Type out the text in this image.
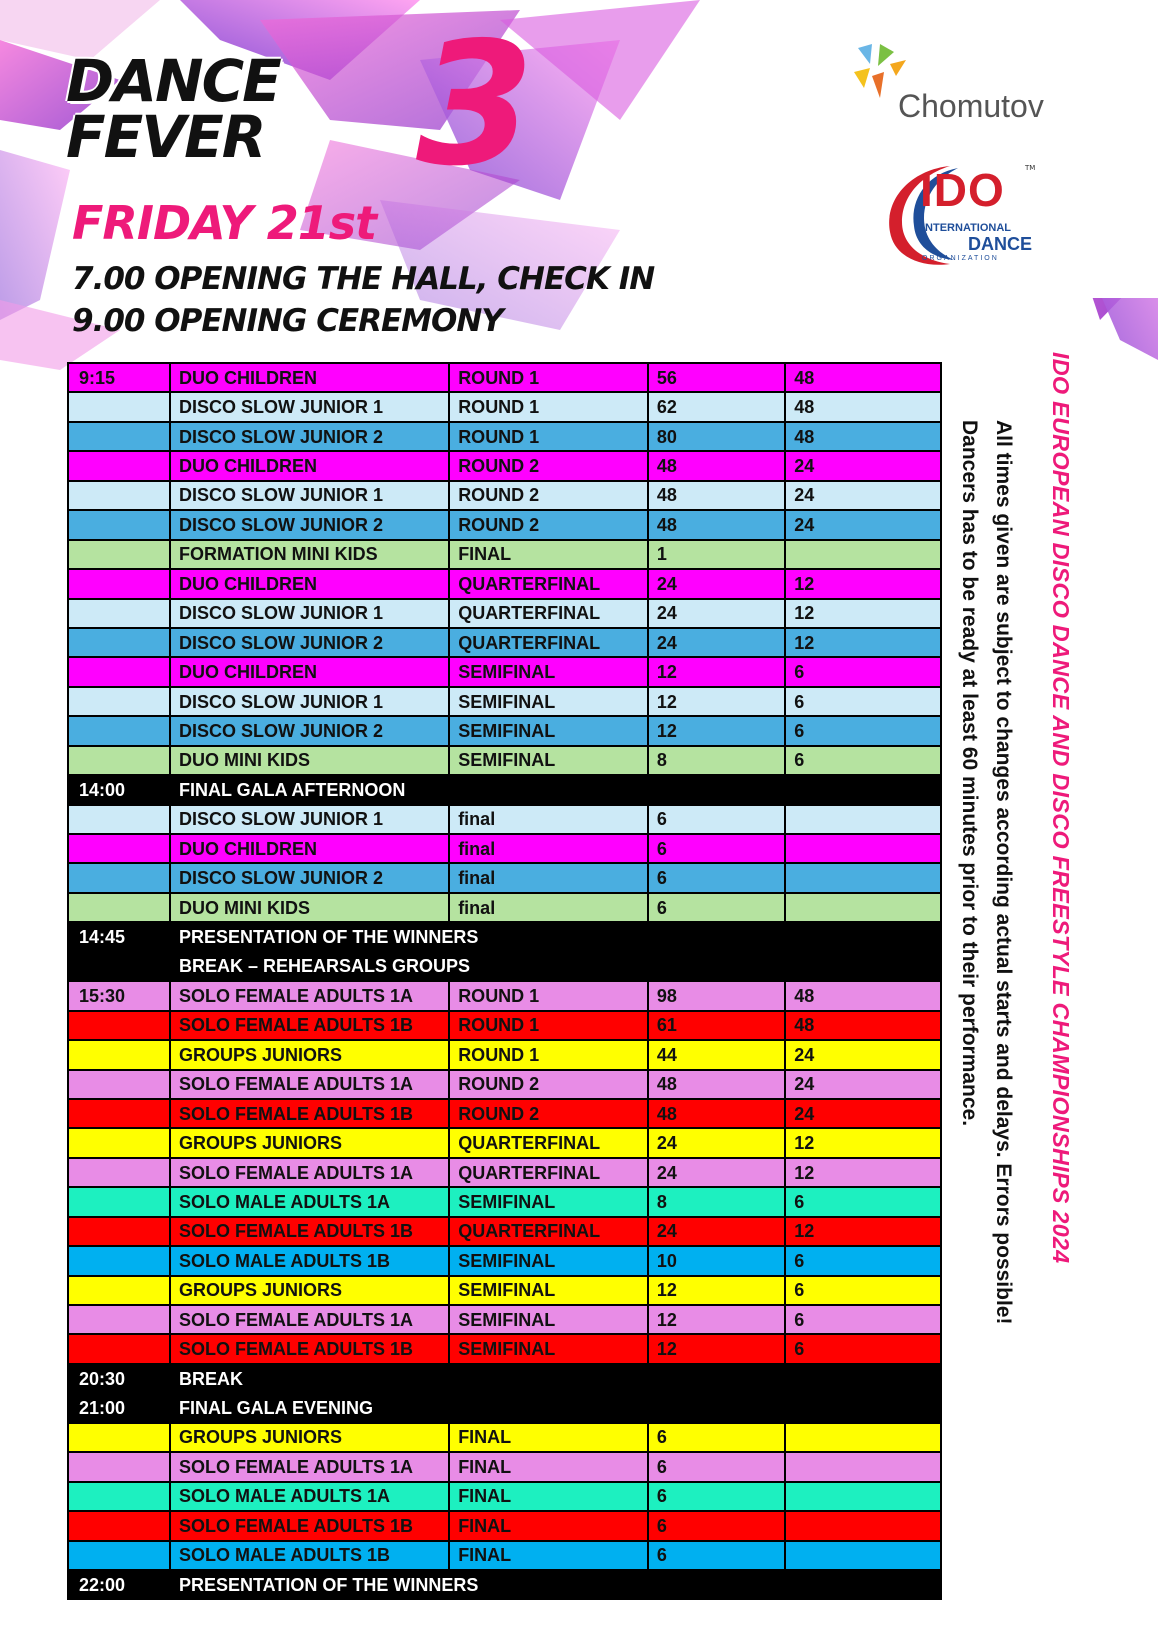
DANCE
FEVER 3
FRIDAY 21st
7.00 OPENING THE HALL, CHECK IN
9.00 OPENING CEREMONY
Chomutov
IDO	TM
INTERNATIONAL
DANCE
ORGANIZATION
9:15	DUO CHILDREN	ROUND 1	56	48
	DISCO SLOW JUNIOR 1	ROUND 1	62	48
	DISCO SLOW JUNIOR 2	ROUND 1	80	48
	DUO CHILDREN	ROUND 2	48	24
	DISCO SLOW JUNIOR 1	ROUND 2	48	24
	DISCO SLOW JUNIOR 2	ROUND 2	48	24
	FORMATION MINI KIDS	FINAL	1	
	DUO CHILDREN	QUARTERFINAL	24	12
	DISCO SLOW JUNIOR 1	QUARTERFINAL	24	12
	DISCO SLOW JUNIOR 2	QUARTERFINAL	24	12
	DUO CHILDREN	SEMIFINAL	12	6
	DISCO SLOW JUNIOR 1	SEMIFINAL	12	6
	DISCO SLOW JUNIOR 2	SEMIFINAL	12	6
	DUO MINI KIDS	SEMIFINAL	8	6
14:00	FINAL GALA AFTERNOON			
	DISCO SLOW JUNIOR 1	final	6	
	DUO CHILDREN	final	6	
	DISCO SLOW JUNIOR 2	final	6	
	DUO MINI KIDS	final	6	
14:45	PRESENTATION OF THE WINNERS			
	BREAK – REHEARSALS GROUPS			
15:30	SOLO FEMALE ADULTS 1A	ROUND 1	98	48
	SOLO FEMALE ADULTS 1B	ROUND 1	61	48
	GROUPS JUNIORS	ROUND 1	44	24
	SOLO FEMALE ADULTS 1A	ROUND 2	48	24
	SOLO FEMALE ADULTS 1B	ROUND 2	48	24
	GROUPS JUNIORS	QUARTERFINAL	24	12
	SOLO FEMALE ADULTS 1A	QUARTERFINAL	24	12
	SOLO MALE ADULTS 1A	SEMIFINAL	8	6
	SOLO FEMALE ADULTS 1B	QUARTERFINAL	24	12
	SOLO MALE ADULTS 1B	SEMIFINAL	10	6
	GROUPS JUNIORS	SEMIFINAL	12	6
	SOLO FEMALE ADULTS 1A	SEMIFINAL	12	6
	SOLO FEMALE ADULTS 1B	SEMIFINAL	12	6
20:30	BREAK			
21:00	FINAL GALA EVENING			
	GROUPS JUNIORS	FINAL	6	
	SOLO FEMALE ADULTS 1A	FINAL	6	
	SOLO MALE ADULTS 1A	FINAL	6	
	SOLO FEMALE ADULTS 1B	FINAL	6	
	SOLO MALE ADULTS 1B	FINAL	6	
22:00	PRESENTATION OF THE WINNERS			
IDO EUROPEAN DISCO DANCE AND DISCO FREESTYLE CHAMPIONSHIPS 2024
All times given are subject to changes according actual starts and delays. Errors possible!
Dancers has to be ready at least 60 minutes prior to their performance.
